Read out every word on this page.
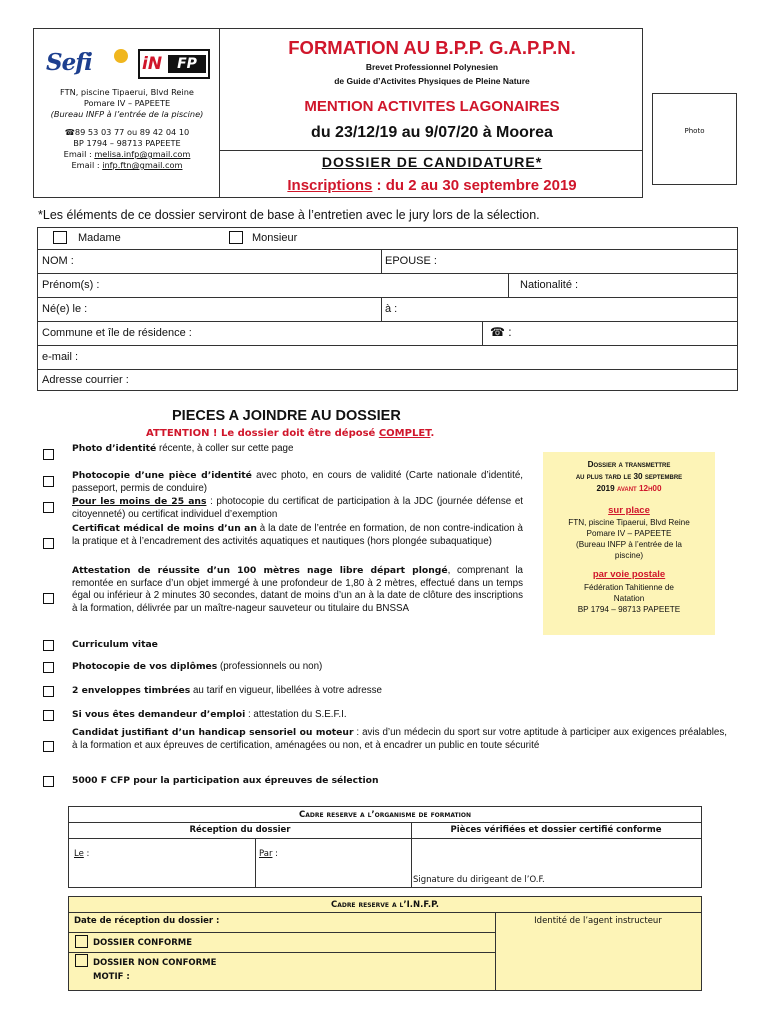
Sefi	iN	FP
FTN, piscine Tipaerui, Blvd Reine
Pomare IV – PAPEETE
(Bureau INFP à l’entrée de la piscine)
☎89 53 03 77 ou 89 42 04 10
BP 1794 – 98713 PAPEETE
Email : melisa.infp@gmail.com
Email : infp.ftn@gmail.com
FORMATION AU B.P.P. G.A.P.P.N.
Brevet Professionnel Polynesien
de Guide d’Activites Physiques de Pleine Nature
MENTION ACTIVITES LAGONAIRES
du 23/12/19 au 9/07/20 à Moorea
DOSSIER DE CANDIDATURE*
Inscriptions : du 2 au 30 septembre 2019
Photo
*Les éléments de ce dossier serviront de base à l’entretien avec le jury lors de la sélection.
Madame	Monsieur
NOM :	EPOUSE :
Prénom(s) :	Nationalité :
Né(e) le :	à :
Commune et île de résidence :	☎ :
e-mail :
Adresse courrier :
PIECES A JOINDRE AU DOSSIER
ATTENTION ! Le dossier doit être déposé COMPLET.
Photo d’identité récente, à coller sur cette page
Photocopie d’une pièce d’identité avec photo, en cours de validité (Carte nationale d’identité, passeport, permis de conduire)
Pour les moins de 25 ans : photocopie du certificat de participation à la JDC (journée défense et citoyenneté) ou certificat individuel d’exemption
Certificat médical de moins d’un an à la date de l’entrée en formation, de non contre-indication à la pratique et à l’encadrement des activités aquatiques et nautiques (hors plongée subaquatique)
Attestation de réussite d’un 100 mètres nage libre départ plongé, comprenant la remontée en surface d’un objet immergé à une profondeur de 1,80 à 2 mètres, effectué dans un temps égal ou inférieur à 2 minutes 30 secondes, datant de moins d’un an à la date de clôture des inscriptions à la formation, délivrée par un maître-nageur sauveteur ou titulaire du BNSSA
Curriculum vitae
Photocopie de vos diplômes (professionnels ou non)
2 enveloppes timbrées au tarif en vigueur, libellées à votre adresse
Si vous êtes demandeur d’emploi : attestation du S.E.F.I.
Candidat justifiant d’un handicap sensoriel ou moteur : avis d’un médecin du sport sur votre aptitude à participer aux exigences préalables, à la formation et aux épreuves de certification, aménagées ou non, et à encadrer un public en toute sécurité
5000 F CFP pour la participation aux épreuves de sélection
Dossier a transmettre
au plus tard le 30 septembre
2019 avant 12h00
sur place
FTN, piscine Tipaerui, Blvd Reine
Pomare IV – PAPEETE
(Bureau INFP à l’entrée de la
piscine)
par voie postale
Fédération Tahitienne de
Natation
BP 1794 – 98713 PAPEETE
Cadre reserve a l’organisme de formation
Réception du dossier	Pièces vérifiées et dossier certifié conforme
Le :	Par :
Signature du dirigeant de l’O.F.
Cadre reserve a l’I.N.F.P.
Date de réception du dossier :	Identité de l’agent instructeur
DOSSIER CONFORME
DOSSIER NON CONFORME
MOTIF :
